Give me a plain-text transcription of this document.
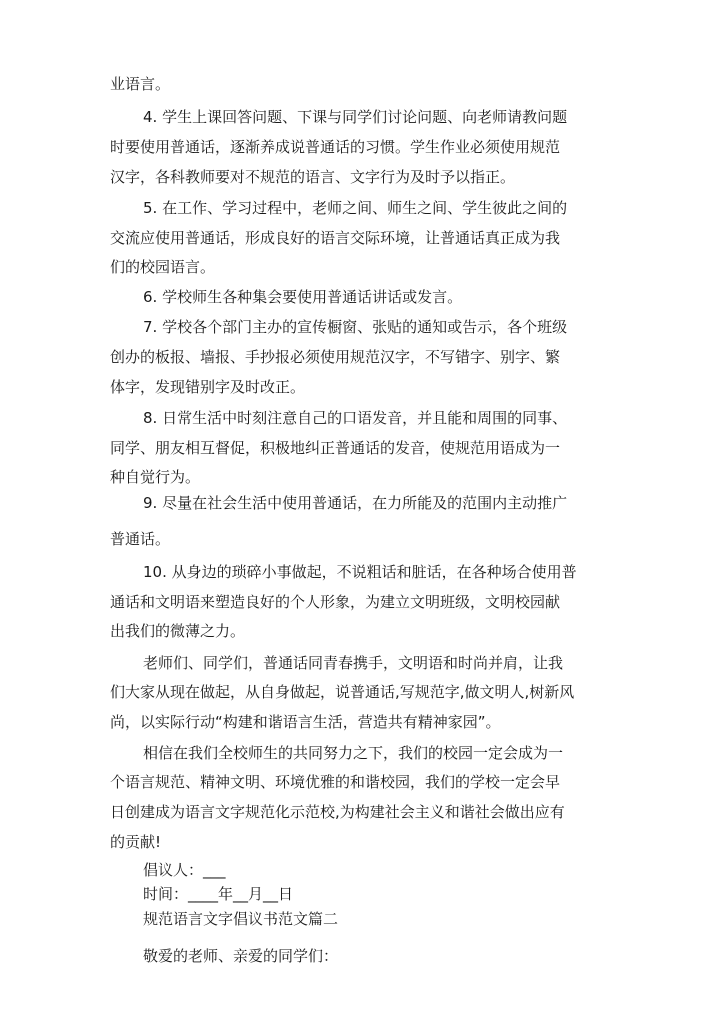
业语言。
4. 学生上课回答问题、下课与同学们讨论问题、向老师请教问题
时要使用普通话，逐渐养成说普通话的习惯。学生作业必须使用规范
汉字，各科教师要对不规范的语言、文字行为及时予以指正。
5. 在工作、学习过程中，老师之间、师生之间、学生彼此之间的
交流应使用普通话，形成良好的语言交际环境，让普通话真正成为我
们的校园语言。
6. 学校师生各种集会要使用普通话讲话或发言。
7. 学校各个部门主办的宣传橱窗、张贴的通知或告示，各个班级
创办的板报、墙报、手抄报必须使用规范汉字，不写错字、别字、繁
体字，发现错别字及时改正。
8. 日常生活中时刻注意自己的口语发音，并且能和周围的同事、
同学、朋友相互督促，积极地纠正普通话的发音，使规范用语成为一
种自觉行为。
9. 尽量在社会生活中使用普通话，在力所能及的范围内主动推广
普通话。
10. 从身边的琐碎小事做起，不说粗话和脏话，在各种场合使用普
通话和文明语来塑造良好的个人形象，为建立文明班级，文明校园献
出我们的微薄之力。
老师们、同学们，普通话同青春携手，文明语和时尚并肩，让我
们大家从现在做起，从自身做起，说普通话,写规范字,做文明人,树新风
尚，以实际行动“构建和谐语言生活，营造共有精神家园”。
相信在我们全校师生的共同努力之下，我们的校园一定会成为一
个语言规范、精神文明、环境优雅的和谐校园，我们的学校一定会早
日创建成为语言文字规范化示范校,为构建社会主义和谐社会做出应有
的贡献!
倡议人：___
时间：____年__月__日
规范语言文字倡议书范文篇二
敬爱的老师、亲爱的同学们：
